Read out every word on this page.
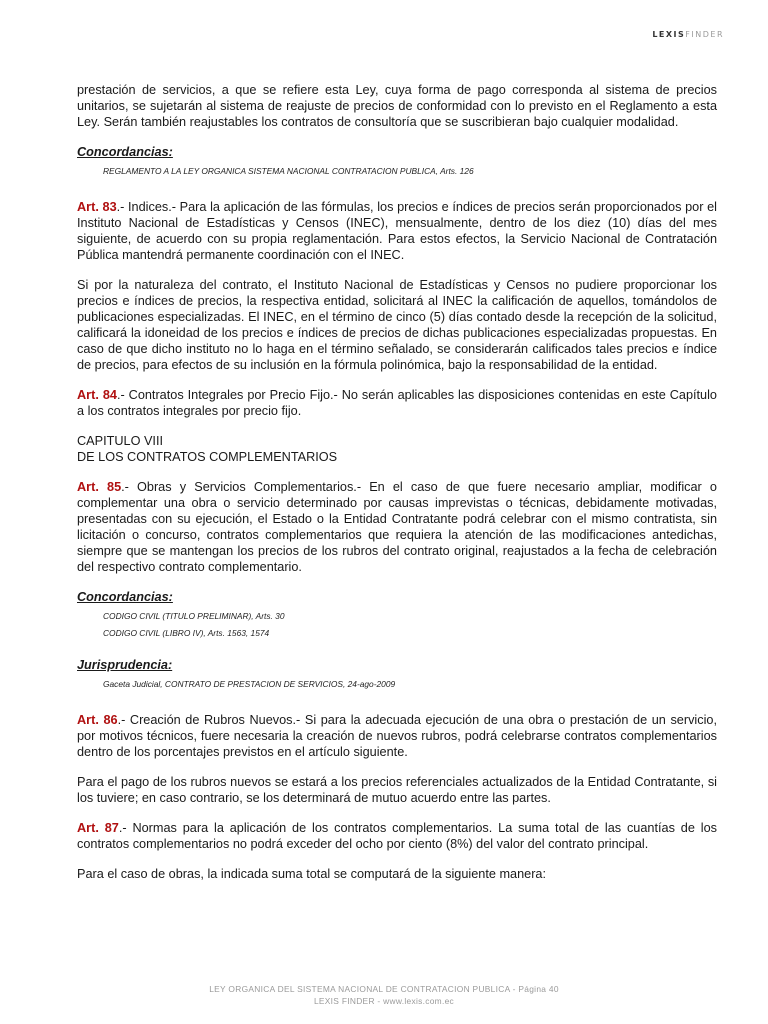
LEXISFINDER

prestación de servicios, a que se refiere esta Ley, cuya forma de pago corresponda al sistema de precios unitarios, se sujetarán al sistema de reajuste de precios de conformidad con lo previsto en el Reglamento a esta Ley. Serán también reajustables los contratos de consultoría que se suscribieran bajo cualquier modalidad.

Concordancias:
REGLAMENTO A LA LEY ORGANICA SISTEMA NACIONAL CONTRATACION PUBLICA, Arts. 126

Art. 83.- Indices.- Para la aplicación de las fórmulas, los precios e índices de precios serán proporcionados por el Instituto Nacional de Estadísticas y Censos (INEC), mensualmente, dentro de los diez (10) días del mes siguiente, de acuerdo con su propia reglamentación. Para estos efectos, la Servicio Nacional de Contratación Pública mantendrá permanente coordinación con el INEC.

Si por la naturaleza del contrato, el Instituto Nacional de Estadísticas y Censos no pudiere proporcionar los precios e índices de precios, la respectiva entidad, solicitará al INEC la calificación de aquellos, tomándolos de publicaciones especializadas. El INEC, en el término de cinco (5) días contado desde la recepción de la solicitud, calificará la idoneidad de los precios e índices de precios de dichas publicaciones especializadas propuestas. En caso de que dicho instituto no lo haga en el término señalado, se considerarán calificados tales precios e índice de precios, para efectos de su inclusión en la fórmula polinómica, bajo la responsabilidad de la entidad.

Art. 84.- Contratos Integrales por Precio Fijo.- No serán aplicables las disposiciones contenidas en este Capítulo a los contratos integrales por precio fijo.

CAPITULO VIII
DE LOS CONTRATOS COMPLEMENTARIOS

Art. 85.- Obras y Servicios Complementarios.- En el caso de que fuere necesario ampliar, modificar o complementar una obra o servicio determinado por causas imprevistas o técnicas, debidamente motivadas, presentadas con su ejecución, el Estado o la Entidad Contratante podrá celebrar con el mismo contratista, sin licitación o concurso, contratos complementarios que requiera la atención de las modificaciones antedichas, siempre que se mantengan los precios de los rubros del contrato original, reajustados a la fecha de celebración del respectivo contrato complementario.

Concordancias:
CODIGO CIVIL (TITULO PRELIMINAR), Arts. 30
CODIGO CIVIL (LIBRO IV), Arts. 1563, 1574
Jurisprudencia:
Gaceta Judicial, CONTRATO DE PRESTACION DE SERVICIOS, 24-ago-2009

Art. 86.- Creación de Rubros Nuevos.- Si para la adecuada ejecución de una obra o prestación de un servicio, por motivos técnicos, fuere necesaria la creación de nuevos rubros, podrá celebrarse contratos complementarios dentro de los porcentajes previstos en el artículo siguiente.

Para el pago de los rubros nuevos se estará a los precios referenciales actualizados de la Entidad Contratante, si los tuviere; en caso contrario, se los determinará de mutuo acuerdo entre las partes.

Art. 87.- Normas para la aplicación de los contratos complementarios. La suma total de las cuantías de los contratos complementarios no podrá exceder del ocho por ciento (8%) del valor del contrato principal.

Para el caso de obras, la indicada suma total se computará de la siguiente manera:

LEY ORGANICA DEL SISTEMA NACIONAL DE CONTRATACION PUBLICA - Página 40
LEXIS FINDER - www.lexis.com.ec
